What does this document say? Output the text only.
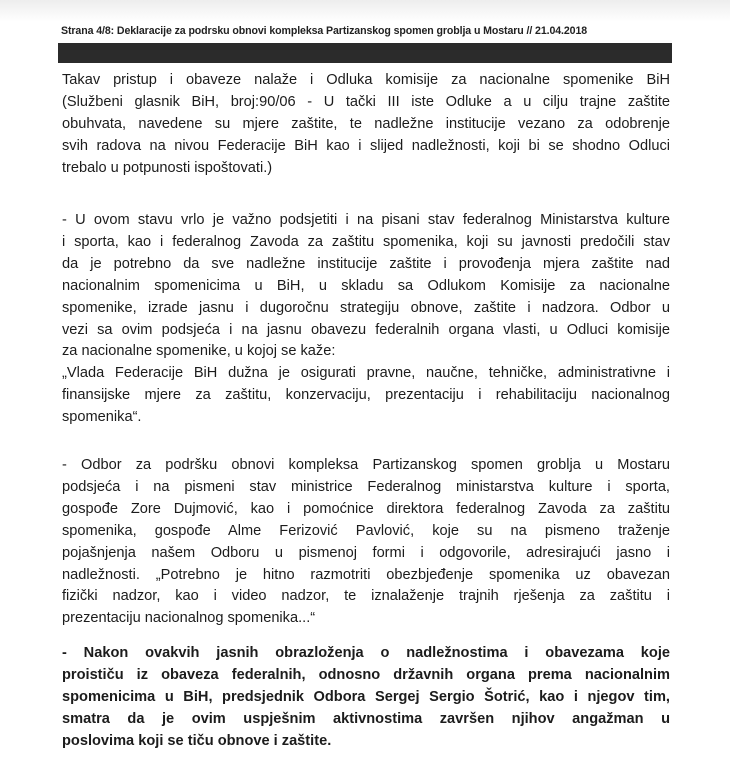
Strana 4/8: Deklaracije za podrsku obnovi kompleksa Partizanskog spomen groblja u Mostaru // 21.04.2018
Takav pristup i obaveze nalaže i Odluka komisije za nacionalne spomenike BiH
(Službeni glasnik BiH, broj:90/06 - U tački III iste Odluke a u cilju trajne zaštite
obuhvata, navedene su mjere zaštite, te nadležne institucije vezano za odobrenje
svih radova na nivou Federacije BiH kao i slijed nadležnosti, koji bi se shodno Odluci
trebalo u potpunosti ispoštovati.)
- U ovom stavu vrlo je važno podsjetiti i na pisani stav federalnog Ministarstva kulture
i sporta, kao i federalnog Zavoda za zaštitu spomenika, koji su javnosti predočili stav
da je potrebno da sve nadležne institucije zaštite i provođenja mjera zaštite nad
nacionalnim spomenicima u BiH, u skladu sa Odlukom Komisije za nacionalne
spomenike, izrade jasnu i dugoročnu strategiju obnove, zaštite i nadzora. Odbor u
vezi sa ovim podsjeća i na jasnu obavezu federalnih organa vlasti, u Odluci komisije
za nacionalne spomenike, u kojoj se kaže:
„Vlada Federacije BiH dužna je osigurati pravne, naučne, tehničke, administrativne i
finansijske mjere za zaštitu, konzervaciju, prezentaciju i rehabilitaciju nacionalnog
spomenika“.
- Odbor za podršku obnovi kompleksa Partizanskog spomen groblja u Mostaru
podsjeća i na pismeni stav ministrice Federalnog ministarstva kulture i sporta,
gospođe Zore Dujmović, kao i pomoćnice direktora federalnog Zavoda za zaštitu
spomenika, gospođe Alme Ferizović Pavlović, koje su na pismeno traženje
pojašnjenja našem Odboru u pismenoj formi i odgovorile, adresirajući jasno i
nadležnosti. „Potrebno je hitno razmotriti obezbjeđenje spomenika uz obavezan
fizički nadzor, kao i video nadzor, te iznalaženje trajnih rješenja za zaštitu i
prezentaciju nacionalnog spomenika...“
- Nakon ovakvih jasnih obrazloženja o nadležnostima i obavezama koje
proističu iz obaveza federalnih, odnosno državnih organa prema nacionalnim
spomenicima u BiH, predsjednik Odbora Sergej Sergio Šotrić, kao i njegov tim,
smatra da je ovim uspješnim aktivnostima završen njihov angažman u
poslovima koji se tiču obnove i zaštite.
